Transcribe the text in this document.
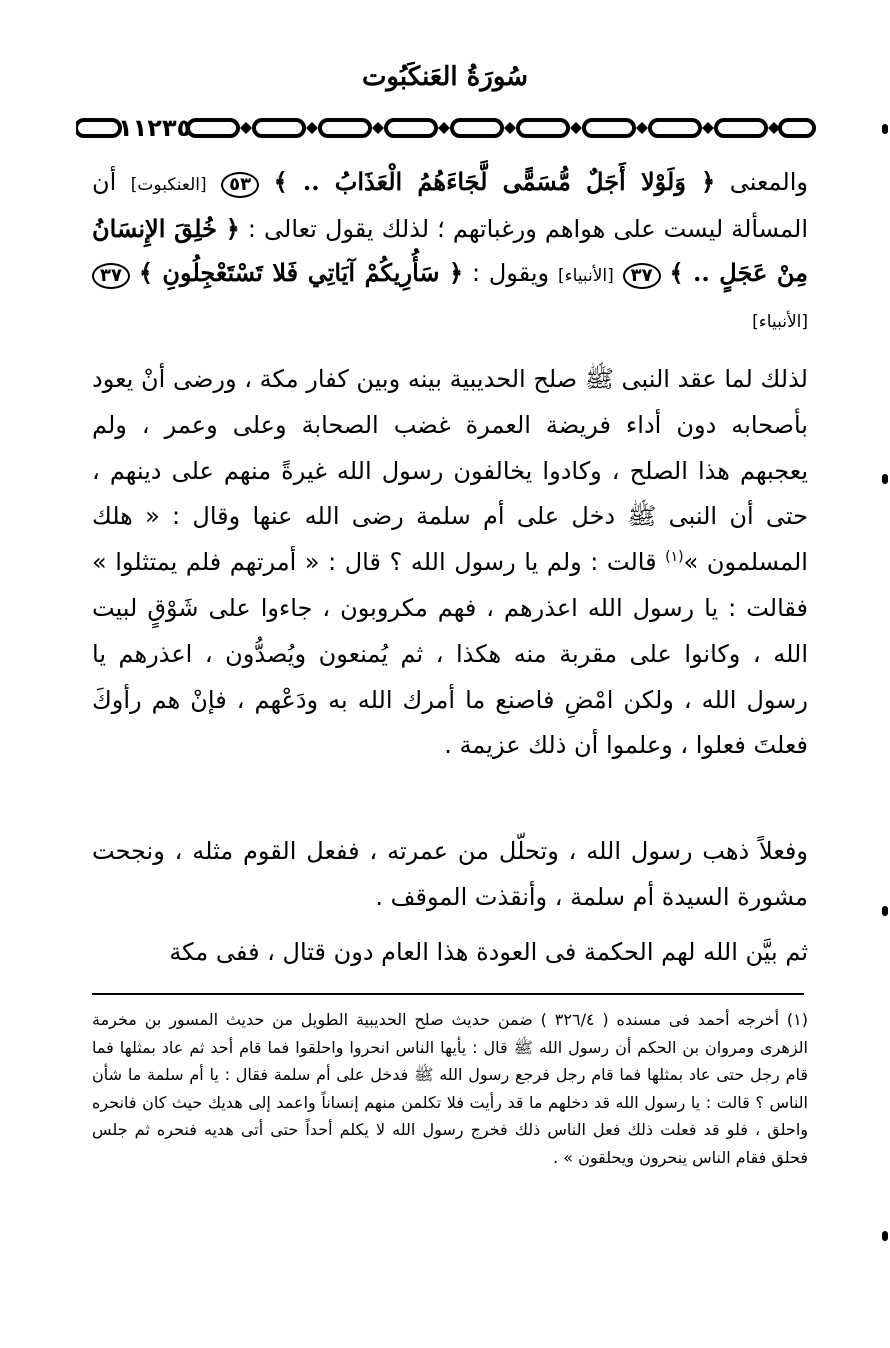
سُورَةُ العَنكَبُوت
١١٢٣٥
والمعنى ﴿ وَلَوْلا أَجَلٌ مُّسَمًّى لَّجَاءَهُمُ الْعَذَابُ .. ﴾ ٥٣ [العنكبوت] أن المسألة ليست على هواهم ورغباتهم ؛ لذلك يقول تعالى : ﴿ خُلِقَ الإِنسَانُ مِنْ عَجَلٍ .. ﴾ ٣٧ [الأنبياء] ويقول : ﴿ سَأُرِيكُمْ آيَاتِي فَلا تَسْتَعْجِلُونِ ﴾ ٣٧ [الأنبياء]
لذلك لما عقد النبى ﷺ صلح الحديبية بينه وبين كفار مكة ، ورضى أنْ يعود بأصحابه دون أداء فريضة العمرة غضب الصحابة وعلى وعمر ، ولم يعجبهم هذا الصلح ، وكادوا يخالفون رسول الله غيرةً منهم على دينهم ، حتى أن النبى ﷺ دخل على أم سلمة رضى الله عنها وقال : « هلك المسلمون »$^{(١)}$ قالت : ولم يا رسول الله ؟ قال : « أمرتهم فلم يمتثلوا » فقالت : يا رسول الله اعذرهم ، فهم مكروبون ، جاءوا على شَوْقٍ لبيت الله ، وكانوا على مقربة منه هكذا ، ثم يُمنعون ويُصدُّون ، اعذرهم يا رسول الله ، ولكن امْضِ فاصنع ما أمرك الله به ودَعْهم ، فإنْ هم رأوكَ فعلتَ فعلوا ، وعلموا أن ذلك عزيمة .
وفعلاً ذهب رسول الله ، وتحلّل من عمرته ، ففعل القوم مثله ، ونجحت مشورة السيدة أم سلمة ، وأنقذت الموقف .
ثم بيَّن الله لهم الحكمة فى العودة هذا العام دون قتال ، ففى مكة
(١) أخرجه أحمد فى مسنده ( ٣٢٦/٤ ) ضمن حديث صلح الحديبية الطويل من حديث المسور بن مخرمة الزهرى ومروان بن الحكم أن رسول الله ﷺ قال : يأيها الناس انحروا واحلقوا فما قام أحد ثم عاد بمثلها فما قام رجل حتى عاد بمثلها فما قام رجل فرجع رسول الله ﷺ فدخل على أم سلمة فقال : يا أم سلمة ما شأن الناس ؟ قالت : يا رسول الله قد دخلهم ما قد رأيت فلا تكلمن منهم إنساناً واعمد إلى هديك حيث كان فانحره واحلق ، فلو قد فعلت ذلك فعل الناس ذلك فخرج رسول الله لا يكلم أحداً حتى أتى هديه فنحره ثم جلس فحلق فقام الناس ينحرون ويحلقون » .
